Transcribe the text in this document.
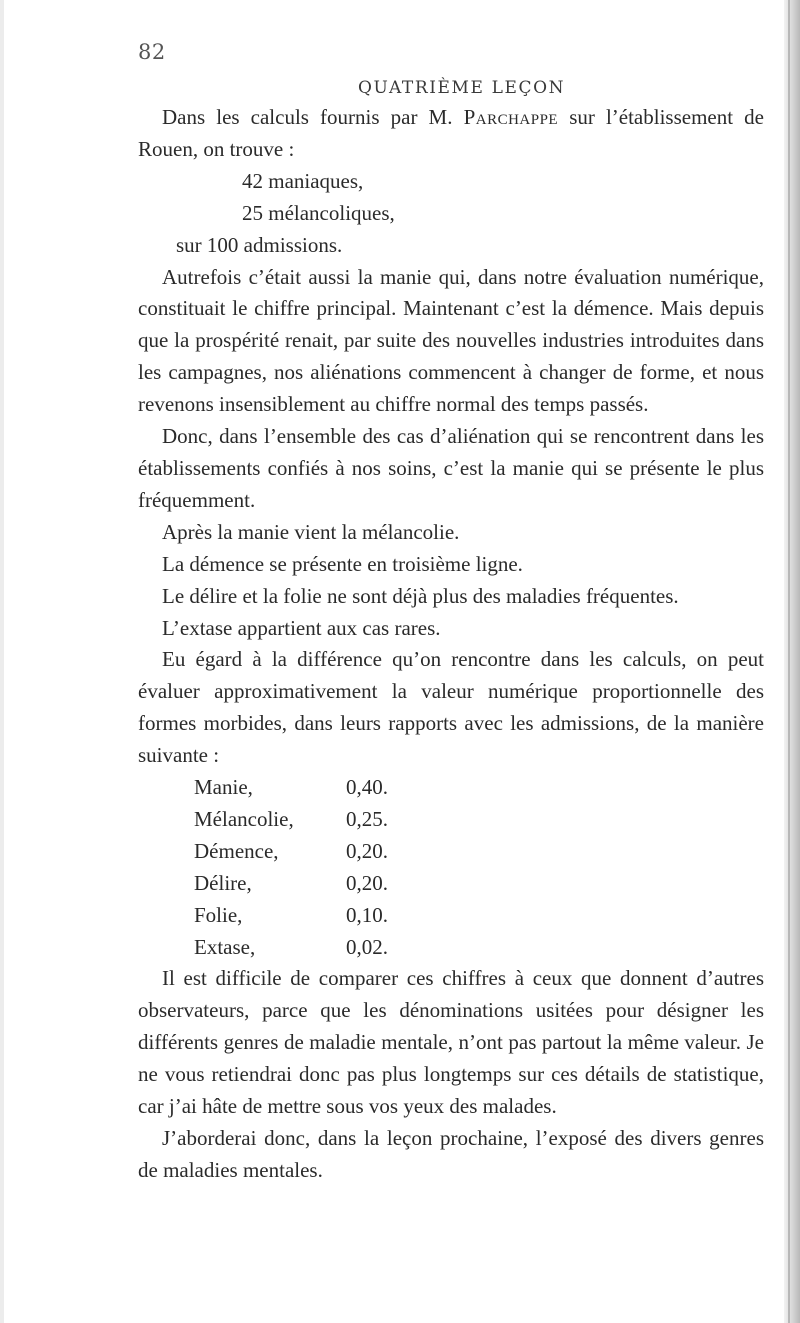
82
QUATRIÈME LEÇON

Dans les calculs fournis par M. Parchappe sur l’établissement de Rouen, on trouve :

42 maniaques,

25 mélancoliques,

sur 100 admissions.

Autrefois c’était aussi la manie qui, dans notre évaluation numérique, constituait le chiffre principal. Maintenant c’est la démence. Mais depuis que la prospérité renait, par suite des nouvelles industries introduites dans les campagnes, nos aliénations commencent à changer de forme, et nous revenons insensiblement au chiffre normal des temps passés.

Donc, dans l’ensemble des cas d’aliénation qui se rencontrent dans les établissements confiés à nos soins, c’est la manie qui se présente le plus fréquemment.

Après la manie vient la mélancolie.

La démence se présente en troisième ligne.

Le délire et la folie ne sont déjà plus des maladies fréquentes.

L’extase appartient aux cas rares.

Eu égard à la différence qu’on rencontre dans les calculs, on peut évaluer approximativement la valeur numérique proportionnelle des formes morbides, dans leurs rapports avec les admissions, de la manière suivante :

Manie,	0,40.
Mélancolie,	0,25.
Démence,	0,20.
Délire,	0,20.
Folie,	0,10.
Extase,	0,02.

Il est difficile de comparer ces chiffres à ceux que donnent d’autres observateurs, parce que les dénominations usitées pour désigner les différents genres de maladie mentale, n’ont pas partout la même valeur. Je ne vous retiendrai donc pas plus longtemps sur ces détails de statistique, car j’ai hâte de mettre sous vos yeux des malades.

J’aborderai donc, dans la leçon prochaine, l’exposé des divers genres de maladies mentales.
